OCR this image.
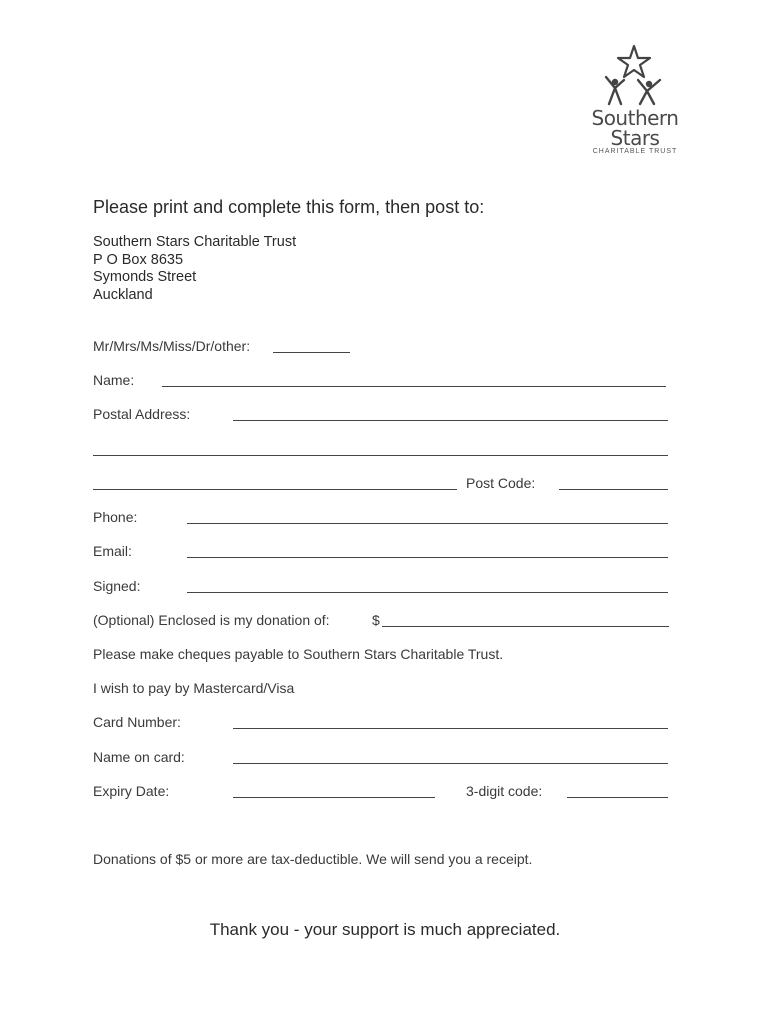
Southern
Stars
CHARITABLE TRUST
Please print and complete this form, then post to:
Southern Stars Charitable Trust
P O Box 8635
Symonds Street
Auckland
Mr/Mrs/Ms/Miss/Dr/other:
Name:
Postal Address:
Post Code:
Phone:
Email:
Signed:
(Optional) Enclosed is my donation of:	$
Please make cheques payable to Southern Stars Charitable Trust.
I wish to pay by Mastercard/Visa
Card Number:
Name on card:
Expiry Date:	3-digit code:
Donations of $5 or more are tax-deductible. We will send you a receipt.
Thank you - your support is much appreciated.
